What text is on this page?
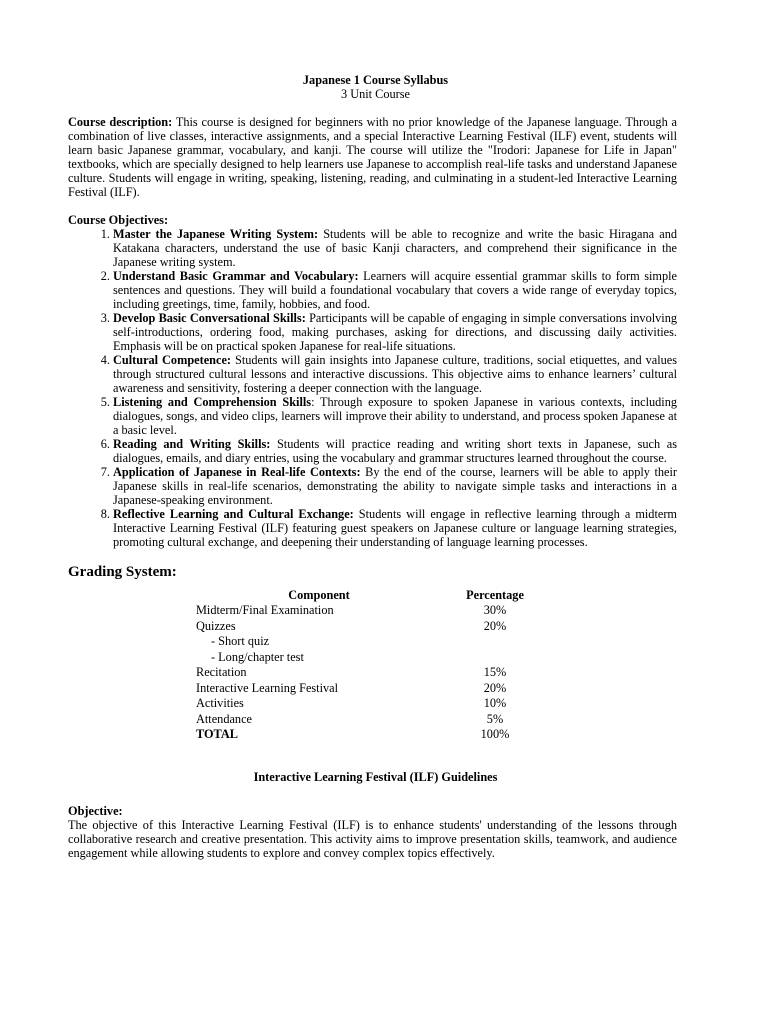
Japanese 1 Course Syllabus
3 Unit Course

Course description: This course is designed for beginners with no prior knowledge of the Japanese language. Through a combination of live classes, interactive assignments, and a special Interactive Learning Festival (ILF) event, students will learn basic Japanese grammar, vocabulary, and kanji. The course will utilize the "Irodori: Japanese for Life in Japan" textbooks, which are specially designed to help learners use Japanese to accomplish real-life tasks and understand Japanese culture. Students will engage in writing, speaking, listening, reading, and culminating in a student-led Interactive Learning Festival (ILF).

Course Objectives:
1. Master the Japanese Writing System: Students will be able to recognize and write the basic Hiragana and Katakana characters, understand the use of basic Kanji characters, and comprehend their significance in the Japanese writing system.
2. Understand Basic Grammar and Vocabulary: Learners will acquire essential grammar skills to form simple sentences and questions. They will build a foundational vocabulary that covers a wide range of everyday topics, including greetings, time, family, hobbies, and food.
3. Develop Basic Conversational Skills: Participants will be capable of engaging in simple conversations involving self-introductions, ordering food, making purchases, asking for directions, and discussing daily activities. Emphasis will be on practical spoken Japanese for real-life situations.
4. Cultural Competence: Students will gain insights into Japanese culture, traditions, social etiquettes, and values through structured cultural lessons and interactive discussions. This objective aims to enhance learners’ cultural awareness and sensitivity, fostering a deeper connection with the language.
5. Listening and Comprehension Skills: Through exposure to spoken Japanese in various contexts, including dialogues, songs, and video clips, learners will improve their ability to understand, and process spoken Japanese at a basic level.
6. Reading and Writing Skills: Students will practice reading and writing short texts in Japanese, such as dialogues, emails, and diary entries, using the vocabulary and grammar structures learned throughout the course.
7. Application of Japanese in Real-life Contexts: By the end of the course, learners will be able to apply their Japanese skills in real-life scenarios, demonstrating the ability to navigate simple tasks and interactions in a Japanese-speaking environment.
8. Reflective Learning and Cultural Exchange: Students will engage in reflective learning through a midterm Interactive Learning Festival (ILF) featuring guest speakers on Japanese culture or language learning strategies, promoting cultural exchange, and deepening their understanding of language learning processes.
Grading System:
Component	Percentage
Midterm/Final Examination	30%
Quizzes	20%
- Short quiz	
- Long/chapter test	
Recitation	15%
Interactive Learning Festival	20%
Activities	10%
Attendance	5%
TOTAL	100%
Interactive Learning Festival (ILF) Guidelines
Objective:

The objective of this Interactive Learning Festival (ILF) is to enhance students' understanding of the lessons through collaborative research and creative presentation. This activity aims to improve presentation skills, teamwork, and audience engagement while allowing students to explore and convey complex topics effectively.
